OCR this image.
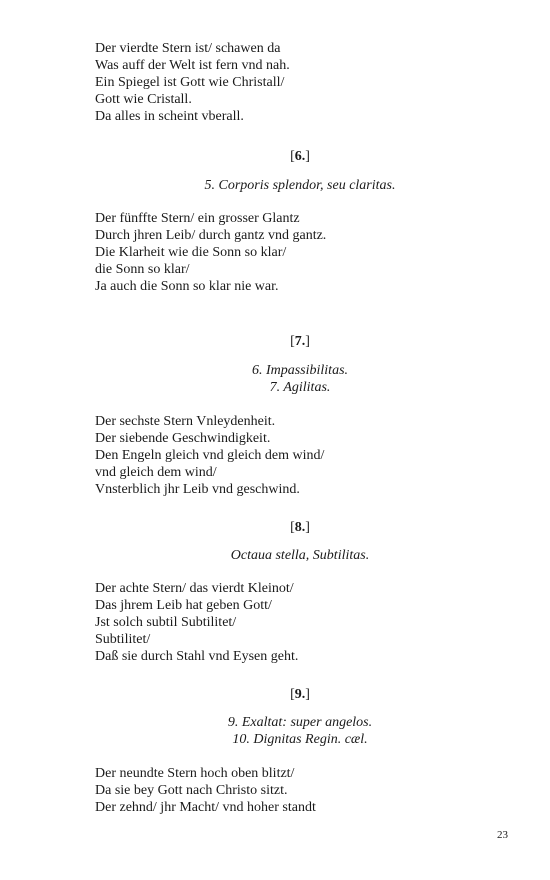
Der vierdte Stern ist/ schawen da
Was auff der Welt ist fern vnd nah.
Ein Spiegel ist Gott wie Christall/
Gott wie Cristall.
Da alles in scheint vberall.
[6.]
5. Corporis splendor, seu claritas.
Der fünffte Stern/ ein grosser Glantz
Durch jhren Leib/ durch gantz vnd gantz.
Die Klarheit wie die Sonn so klar/
die Sonn so klar/
Ja auch die Sonn so klar nie war.
[7.]
6. Impassibilitas.
7. Agilitas.
Der sechste Stern Vnleydenheit.
Der siebende Geschwindigkeit.
Den Engeln gleich vnd gleich dem wind/
vnd gleich dem wind/
Vnsterblich jhr Leib vnd geschwind.
[8.]
Octaua stella, Subtilitas.
Der achte Stern/ das vierdt Kleinot/
Das jhrem Leib hat geben Gott/
Jst solch subtil Subtilitet/
Subtilitet/
Daß sie durch Stahl vnd Eysen geht.
[9.]
9. Exaltat: super angelos.
10. Dignitas Regin. cæl.
Der neundte Stern hoch oben blitzt/
Da sie bey Gott nach Christo sitzt.
Der zehnd/ jhr Macht/ vnd hoher standt
23
